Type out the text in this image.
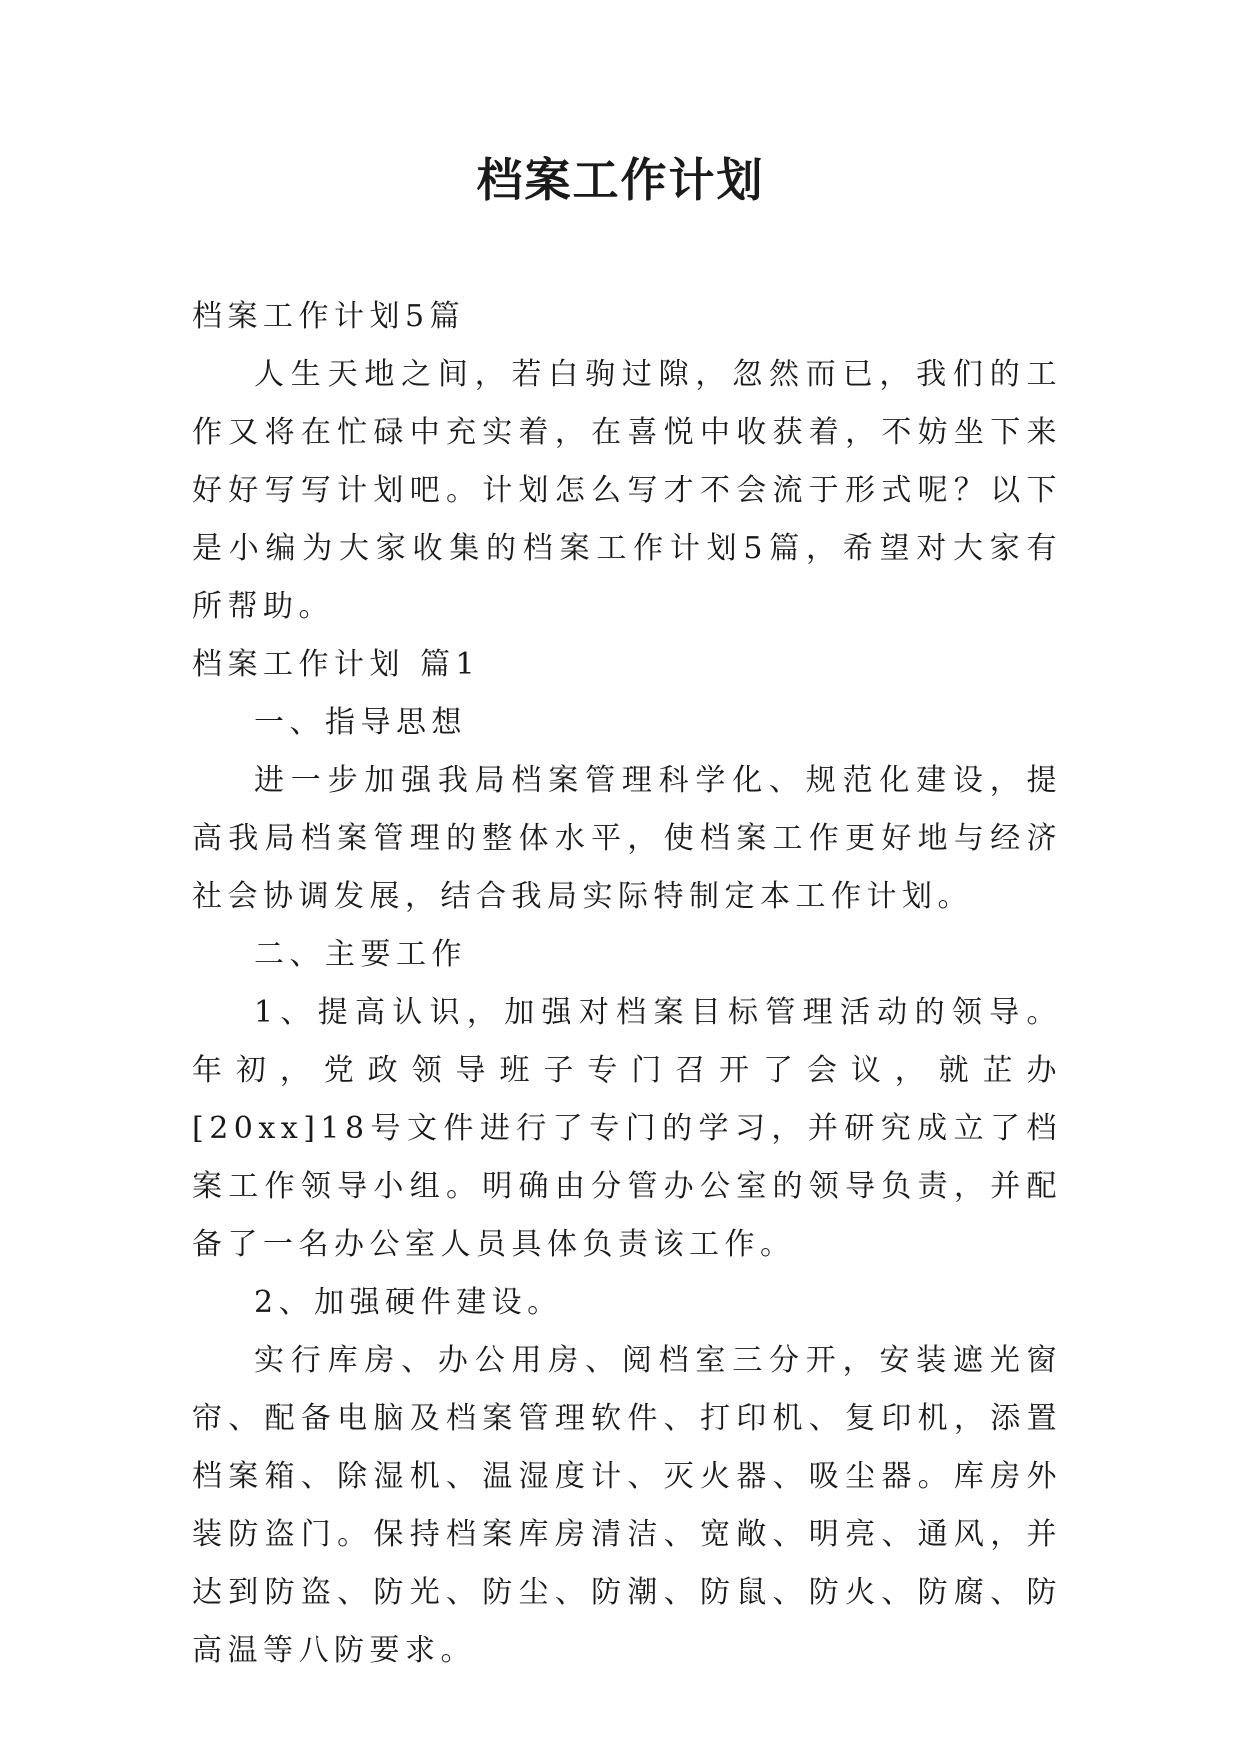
档案工作计划

档案工作计划5篇

人生天地之间，若白驹过隙，忽然而已，我们的工作又将在忙碌中充实着，在喜悦中收获着，不妨坐下来好好写写计划吧。计划怎么写才不会流于形式呢？以下是小编为大家收集的档案工作计划5篇，希望对大家有所帮助。

档案工作计划 篇1

一、指导思想

进一步加强我局档案管理科学化、规范化建设，提高我局档案管理的整体水平，使档案工作更好地与经济社会协调发展，结合我局实际特制定本工作计划。

二、主要工作

1、提高认识，加强对档案目标管理活动的领导。 年初，党政领导班子专门召开了会议，就芷办[20xx]18号文件进行了专门的学习，并研究成立了档案工作领导小组。明确由分管办公室的领导负责，并配备了一名办公室人员具体负责该工作。

2、加强硬件建设。

实行库房、办公用房、阅档室三分开，安装遮光窗帘、配备电脑及档案管理软件、打印机、复印机，添置档案箱、除湿机、温湿度计、灭火器、吸尘器。库房外装防盗门。保持档案库房清洁、宽敞、明亮、通风，并达到防盗、防光、防尘、防潮、防鼠、防火、防腐、防高温等八防要求。
